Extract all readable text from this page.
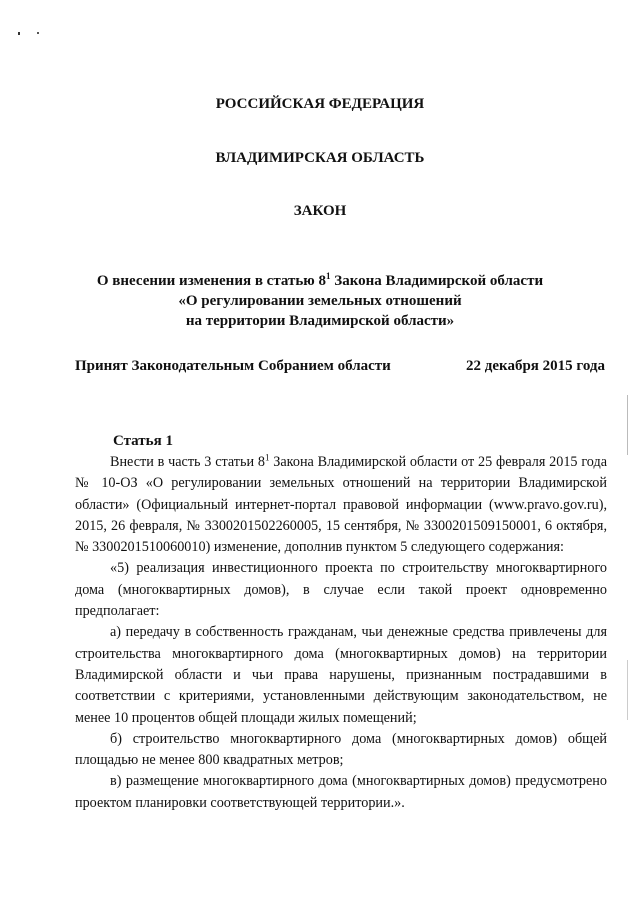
РОССИЙСКАЯ ФЕДЕРАЦИЯ
ВЛАДИМИРСКАЯ ОБЛАСТЬ
ЗАКОН
О внесении изменения в статью $8^1$ Закона Владимирской области
«О регулировании земельных отношений
на территории Владимирской области»
Принят Законодательным Собранием области	22 декабря 2015 года
Статья 1

Внести в часть 3 статьи $8^1$ Закона Владимирской области от 25 февраля 2015 года № 10-ОЗ «О регулировании земельных отношений на территории Владимирской области» (Официальный интернет-портал правовой информации (www.pravo.gov.ru), 2015, 26 февраля, № 3300201502260005, 15 сентября, № 3300201509150001, 6 октября, № 3300201510060010) изменение, дополнив пунктом 5 следующего содержания:

«5) реализация инвестиционного проекта по строительству многоквартирного дома (многоквартирных домов), в случае если такой проект одновременно предполагает:

а) передачу в собственность гражданам, чьи денежные средства привлечены для строительства многоквартирного дома (многоквартирных домов) на территории Владимирской области и чьи права нарушены, признанным пострадавшими в соответствии с критериями, установленными действующим законодательством, не менее 10 процентов общей площади жилых помещений;

б) строительство многоквартирного дома (многоквартирных домов) общей площадью не менее 800 квадратных метров;

в) размещение многоквартирного дома (многоквартирных домов) предусмотрено проектом планировки соответствующей территории.».
